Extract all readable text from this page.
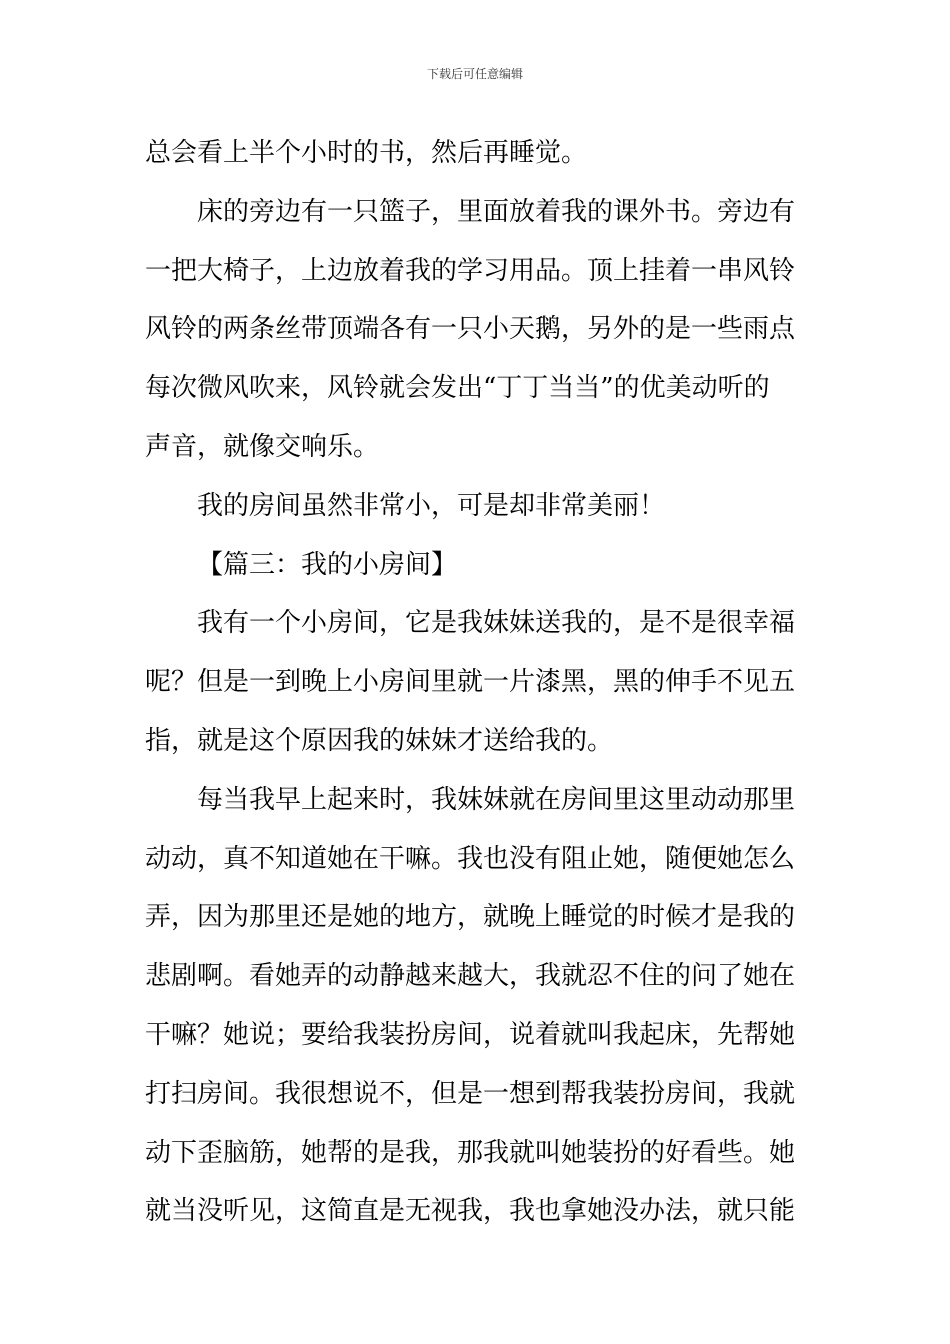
下载后可任意编辑
总会看上半个小时的书，然后再睡觉。
床的旁边有一只篮子，里面放着我的课外书。旁边有
一把大椅子，上边放着我的学习用品。顶上挂着一串风铃
风铃的两条丝带顶端各有一只小天鹅，另外的是一些雨点
每次微风吹来，风铃就会发出“丁丁当当”的优美动听的
声音，就像交响乐。
我的房间虽然非常小，可是却非常美丽！
【篇三：我的小房间】
我有一个小房间，它是我妹妹送我的，是不是很幸福
呢？但是一到晚上小房间里就一片漆黑，黑的伸手不见五
指，就是这个原因我的妹妹才送给我的。
每当我早上起来时，我妹妹就在房间里这里动动那里
动动，真不知道她在干嘛。我也没有阻止她，随便她怎么
弄，因为那里还是她的地方，就晚上睡觉的时候才是我的
悲剧啊。看她弄的动静越来越大，我就忍不住的问了她在
干嘛？她说；要给我装扮房间，说着就叫我起床，先帮她
打扫房间。我很想说不，但是一想到帮我装扮房间，我就
动下歪脑筋，她帮的是我，那我就叫她装扮的好看些。她
就当没听见，这简直是无视我，我也拿她没办法，就只能
